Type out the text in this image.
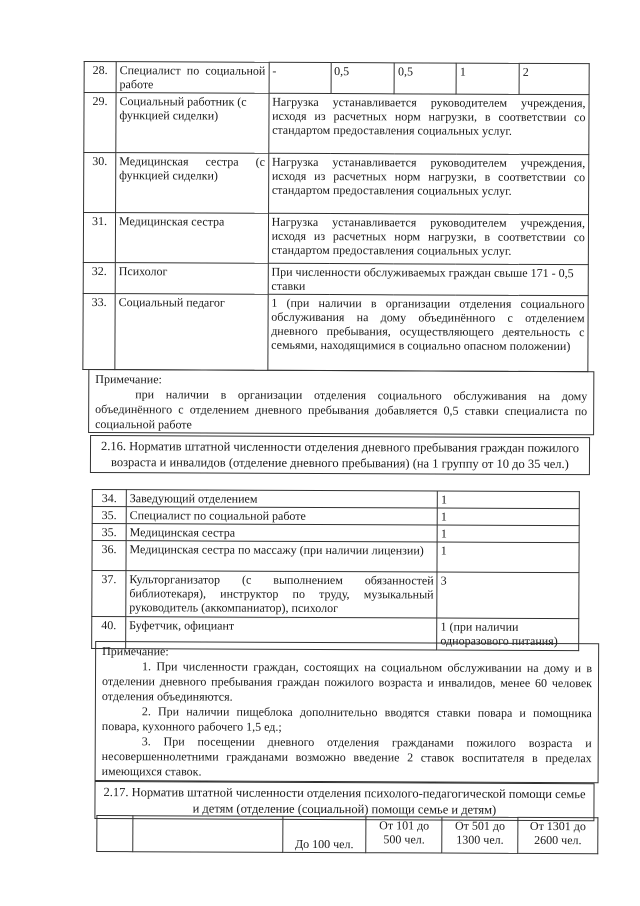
28.	Специалист по социальной работе	-	0,5	0,5	1	2
29.	Социальный работник (с функцией сиделки)	Нагрузка устанавливается руководителем учреждения, исходя из расчетных норм нагрузки, в соответствии со стандартом предоставления социальных услуг.				
30.	Медицинская сестра (с функцией сиделки)	Нагрузка устанавливается руководителем учреждения, исходя из расчетных норм нагрузки, в соответствии со стандартом предоставления социальных услуг.				
31.	Медицинская сестра	Нагрузка устанавливается руководителем учреждения, исходя из расчетных норм нагрузки, в соответствии со стандартом предоставления социальных услуг.				
32.	Психолог	При численности обслуживаемых граждан свыше 171 - 0,5 ставки				
33.	Социальный педагог	1 (при наличии в организации отделения социального обслуживания на дому объединённого с отделением дневного пребывания, осуществляющего деятельность с семьями, находящимися в социально опасном положении)				

Примечание:

при наличии в организации отделения социального обслуживания на дому объединённого с отделением дневного пребывания добавляется 0,5 ставки специалиста по социальной работе

2.16. Норматив штатной численности отделения дневного пребывания граждан пожилого возраста и инвалидов (отделение дневного пребывания) (на 1 группу от 10 до 35 чел.)
34.	Заведующий отделением	1
35.	Специалист по социальной работе	1
35.	Медицинская сестра	1
36.	Медицинская сестра по массажу (при наличии лицензии)	1
37.	Культорганизатор (с выполнением обязанностей библиотекаря), инструктор по труду, музыкальный руководитель (аккомпаниатор), психолог	3
40.	Буфетчик, официант	1 (при наличии одноразового питания)

Примечание:

1. При численности граждан, состоящих на социальном обслуживании на дому и в отделении дневного пребывания граждан пожилого возраста и инвалидов, менее 60 человек отделения объединяются.

2. При наличии пищеблока дополнительно вводятся ставки повара и помощника повара, кухонного рабочего 1,5 ед.;

3. При посещении дневного отделения гражданами пожилого возраста и несовершеннолетними гражданами возможно введение 2 ставок воспитателя в пределах имеющихся ставок.

2.17. Норматив штатной численности отделения психолого-педагогической помощи семье и детям (отделение (социальной) помощи семье и детям)
		До 100 чел.	От 101 до 500 чел.	От 501 до 1300 чел.	От 1301 до 2600 чел.
